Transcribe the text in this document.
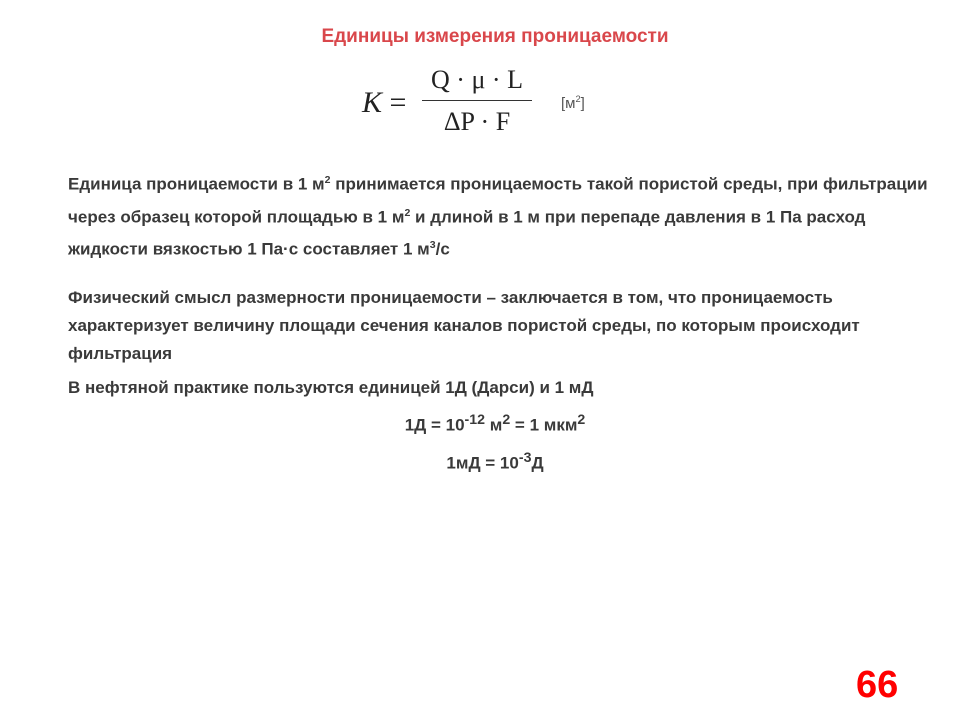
Единицы измерения проницаемости
K =
Q · μ · L
ΔP · F
$[м^2]$
Единица проницаемости в 1 $м^2$ принимается проницаемость такой пористой среды, при фильтрации через образец которой площадью в 1 $м^2$ и длиной в 1 м при перепаде давления в 1 Па расход жидкости вязкостью 1 Па·с составляет 1 $м^3/с$
Физический смысл размерности проницаемости – заключается в том, что проницаемость характеризует величину площади сечения каналов пористой среды, по которым происходит фильтрация
В нефтяной практике пользуются единицей 1Д (Дарси) и 1 мД
$1Д = 10^{-12}$ $м^2 = 1$ мкм$^2$
$1мД = 10^{-3}Д$
66
